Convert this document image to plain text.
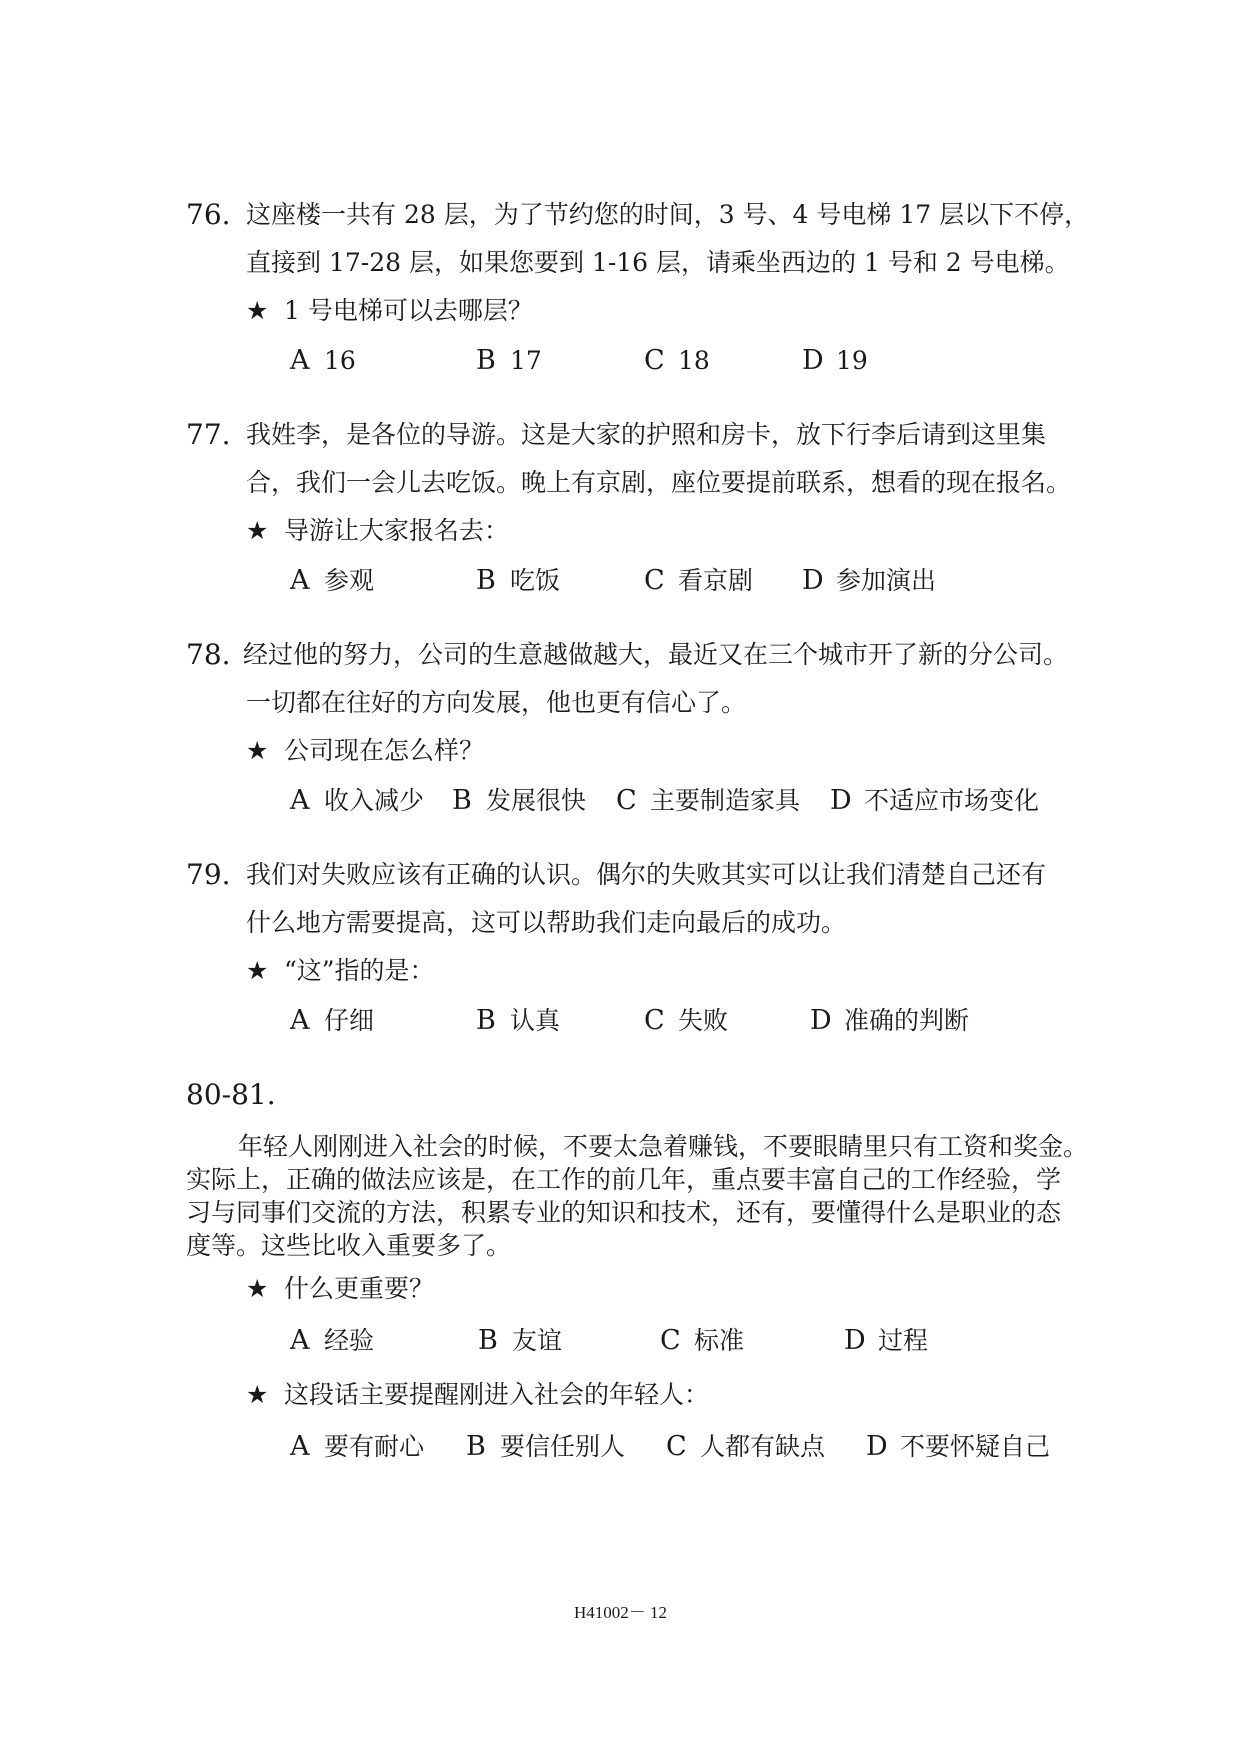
76. 这座楼一共有 28 层，为了节约您的时间，3 号、4 号电梯 17 层以下不停，
直接到 17-28 层，如果您要到 1-16 层，请乘坐西边的 1 号和 2 号电梯。
★ 1 号电梯可以去哪层？
A 16	B 17	C 18	D 19
77. 我姓李，是各位的导游。这是大家的护照和房卡，放下行李后请到这里集
合，我们一会儿去吃饭。晚上有京剧，座位要提前联系，想看的现在报名。
★ 导游让大家报名去：
A 参观	B 吃饭	C 看京剧 D 参加演出
78. 经过他的努力，公司的生意越做越大，最近又在三个城市开了新的分公司。
一切都在往好的方向发展，他也更有信心了。
★ 公司现在怎么样？
A 收入减少 B 发展很快 C 主要制造家具 D 不适应市场变化
79. 我们对失败应该有正确的认识。偶尔的失败其实可以让我们清楚自己还有
什么地方需要提高，这可以帮助我们走向最后的成功。
★ “这”指的是：
A 仔细	B 认真	C 失败	D 准确的判断
80-81.
年轻人刚刚进入社会的时候，不要太急着赚钱，不要眼睛里只有工资和奖金。
实际上，正确的做法应该是，在工作的前几年，重点要丰富自己的工作经验，学
习与同事们交流的方法，积累专业的知识和技术，还有，要懂得什么是职业的态
度等。这些比收入重要多了。
★ 什么更重要？
A 经验	B 友谊	C 标准	D 过程
★ 这段话主要提醒刚进入社会的年轻人：
A 要有耐心 B 要信任别人 C 人都有缺点 D 不要怀疑自己
H41002－ 12
